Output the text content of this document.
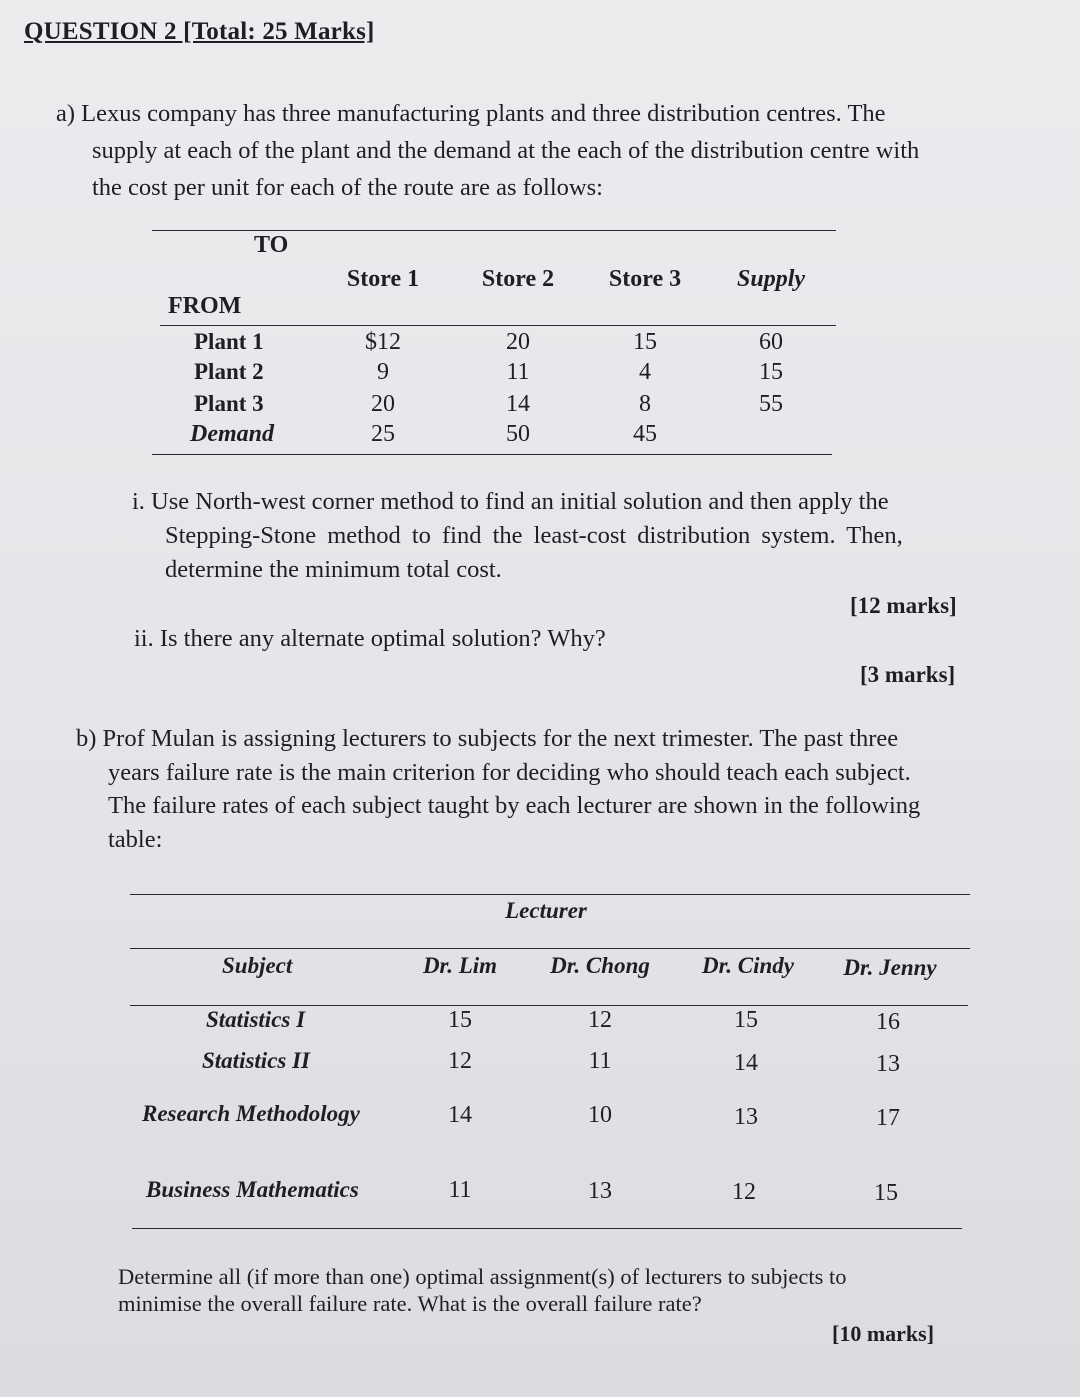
QUESTION 2 [Total: 25 Marks]
a) Lexus company has three manufacturing plants and three distribution centres. The
supply at each of the plant and the demand at the each of the distribution centre with
the cost per unit for each of the route are as follows:
TO
Store 1	Store 2 Store 3 Supply
FROM
Plant 1	$12	20	15	60
Plant 2	9	11	4	15
Plant 3	20	14	8	55
Demand	25	50	45
i. Use North-west corner method to find an initial solution and then apply the
Stepping-Stone method to find the least-cost distribution system. Then,
determine the minimum total cost.
[12 marks]
ii. Is there any alternate optimal solution? Why?
[3 marks]
b) Prof Mulan is assigning lecturers to subjects for the next trimester. The past three
years failure rate is the main criterion for deciding who should teach each subject.
The failure rates of each subject taught by each lecturer are shown in the following
table:
Lecturer
Subject	Dr. Lim Dr. Chong Dr. Cindy Dr. Jenny
Statistics I	15	12	15	16
Statistics II	12	11	14	13
Research Methodology	14	10	13	17
Business Mathematics	11	13	12	15
Determine all (if more than one) optimal assignment(s) of lecturers to subjects to
minimise the overall failure rate. What is the overall failure rate?
[10 marks]
